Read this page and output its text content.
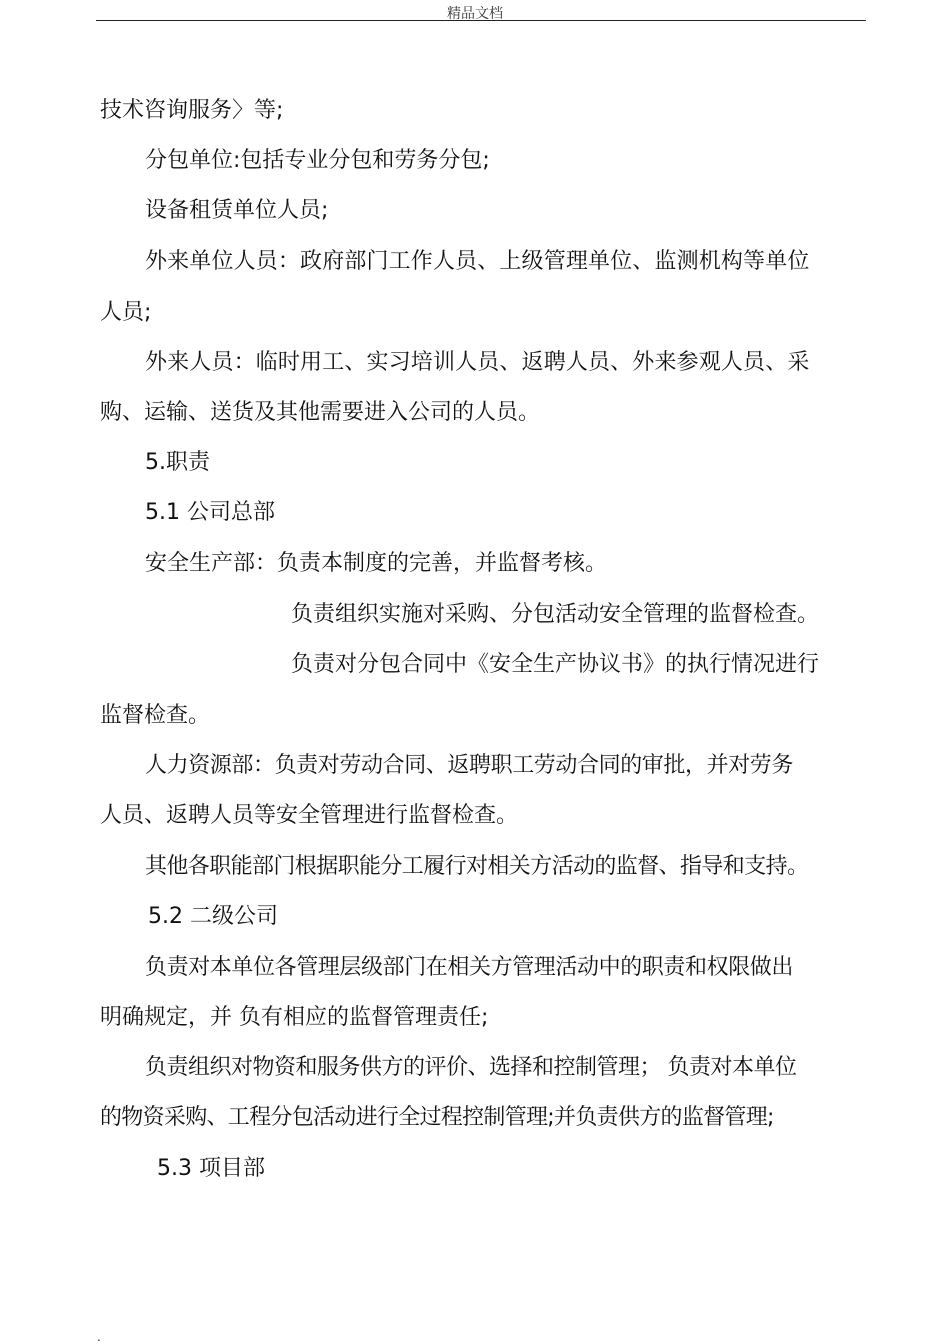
精品文档
技术咨询服务〉等;
分包单位:包括专业分包和劳务分包;
设备租赁单位人员;
外来单位人员：政府部门工作人员、上级管理单位、监测机构等单位
人员;
外来人员：临时用工、实习培训人员、返聘人员、外来参观人员、采
购、运输、送货及其他需要进入公司的人员。
5.职责
5.1 公司总部
安全生产部：负责本制度的完善，并监督考核。
负责组织实施对采购、分包活动安全管理的监督检查。
负责对分包合同中《安全生产协议书》的执行情况进行
监督检查。
人力资源部：负责对劳动合同、返聘职工劳动合同的审批，并对劳务
人员、返聘人员等安全管理进行监督检查。
其他各职能部门根据职能分工履行对相关方活动的监督、指导和支持。
5.2 二级公司
负责对本单位各管理层级部门在相关方管理活动中的职责和权限做出
明确规定，并 负有相应的监督管理责任;
负责组织对物资和服务供方的评价、选择和控制管理； 负责对本单位
的物资采购、工程分包活动进行全过程控制管理;并负责供方的监督管理;
5.3 项目部
.
